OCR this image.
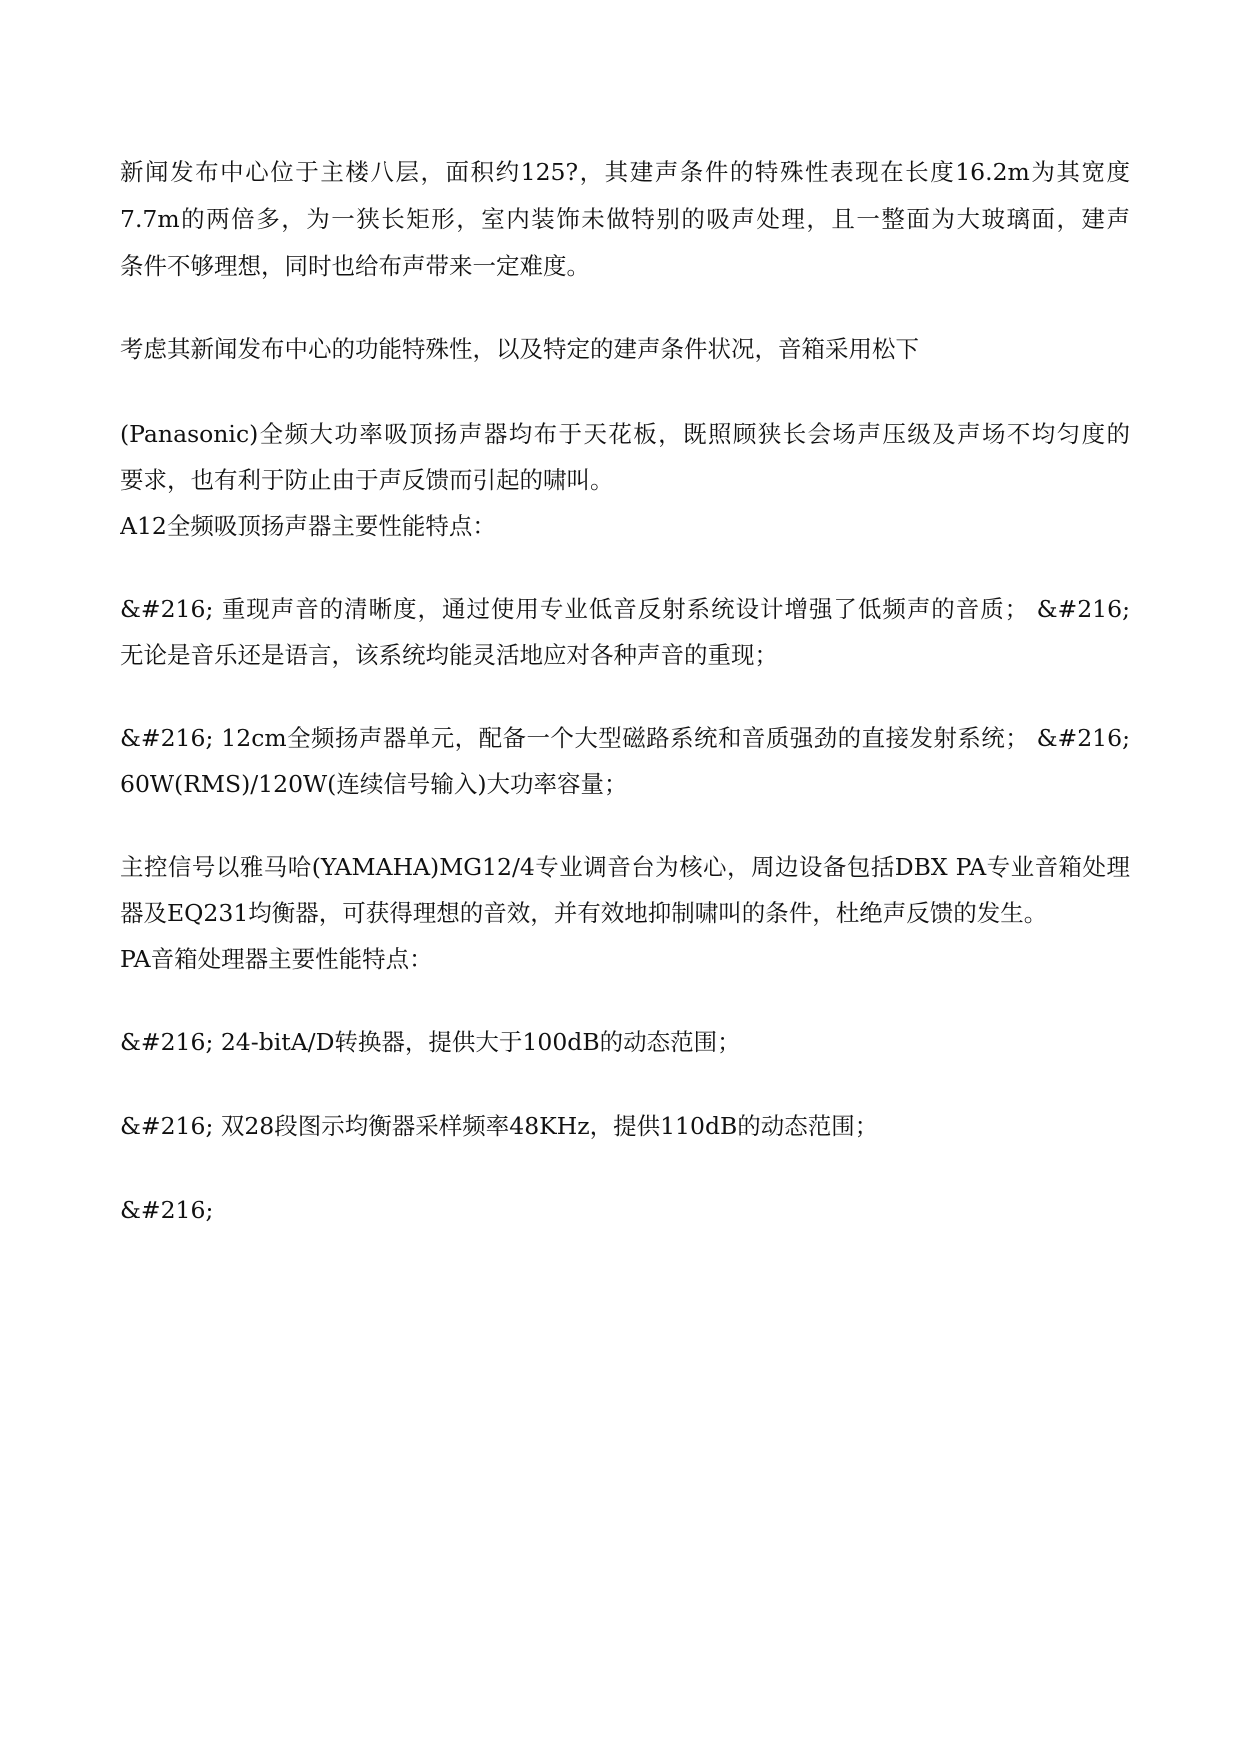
新闻发布中心位于主楼八层，面积约125?，其建声条件的特殊性表现在长度16.2m为其宽度
7.7m的两倍多，为一狭长矩形，室内装饰未做特别的吸声处理，且一整面为大玻璃面，建声
条件不够理想，同时也给布声带来一定难度。
考虑其新闻发布中心的功能特殊性，以及特定的建声条件状况，音箱采用松下
(Panasonic)全频大功率吸顶扬声器均布于天花板，既照顾狭长会场声压级及声场不均匀度的
要求，也有利于防止由于声反馈而引起的啸叫。
A12全频吸顶扬声器主要性能特点：
&#216; 重现声音的清晰度，通过使用专业低音反射系统设计增强了低频声的音质； &#216;
无论是音乐还是语言，该系统均能灵活地应对各种声音的重现；
&#216; 12cm全频扬声器单元，配备一个大型磁路系统和音质强劲的直接发射系统； &#216;
60W(RMS)/120W(连续信号输入)大功率容量；
主控信号以雅马哈(YAMAHA)MG12/4专业调音台为核心，周边设备包括DBX PA专业音箱处理
器及EQ231均衡器，可获得理想的音效，并有效地抑制啸叫的条件，杜绝声反馈的发生。
PA音箱处理器主要性能特点：
&#216; 24-bitA/D转换器，提供大于100dB的动态范围；
&#216; 双28段图示均衡器采样频率48KHz，提供110dB的动态范围；
&#216;
